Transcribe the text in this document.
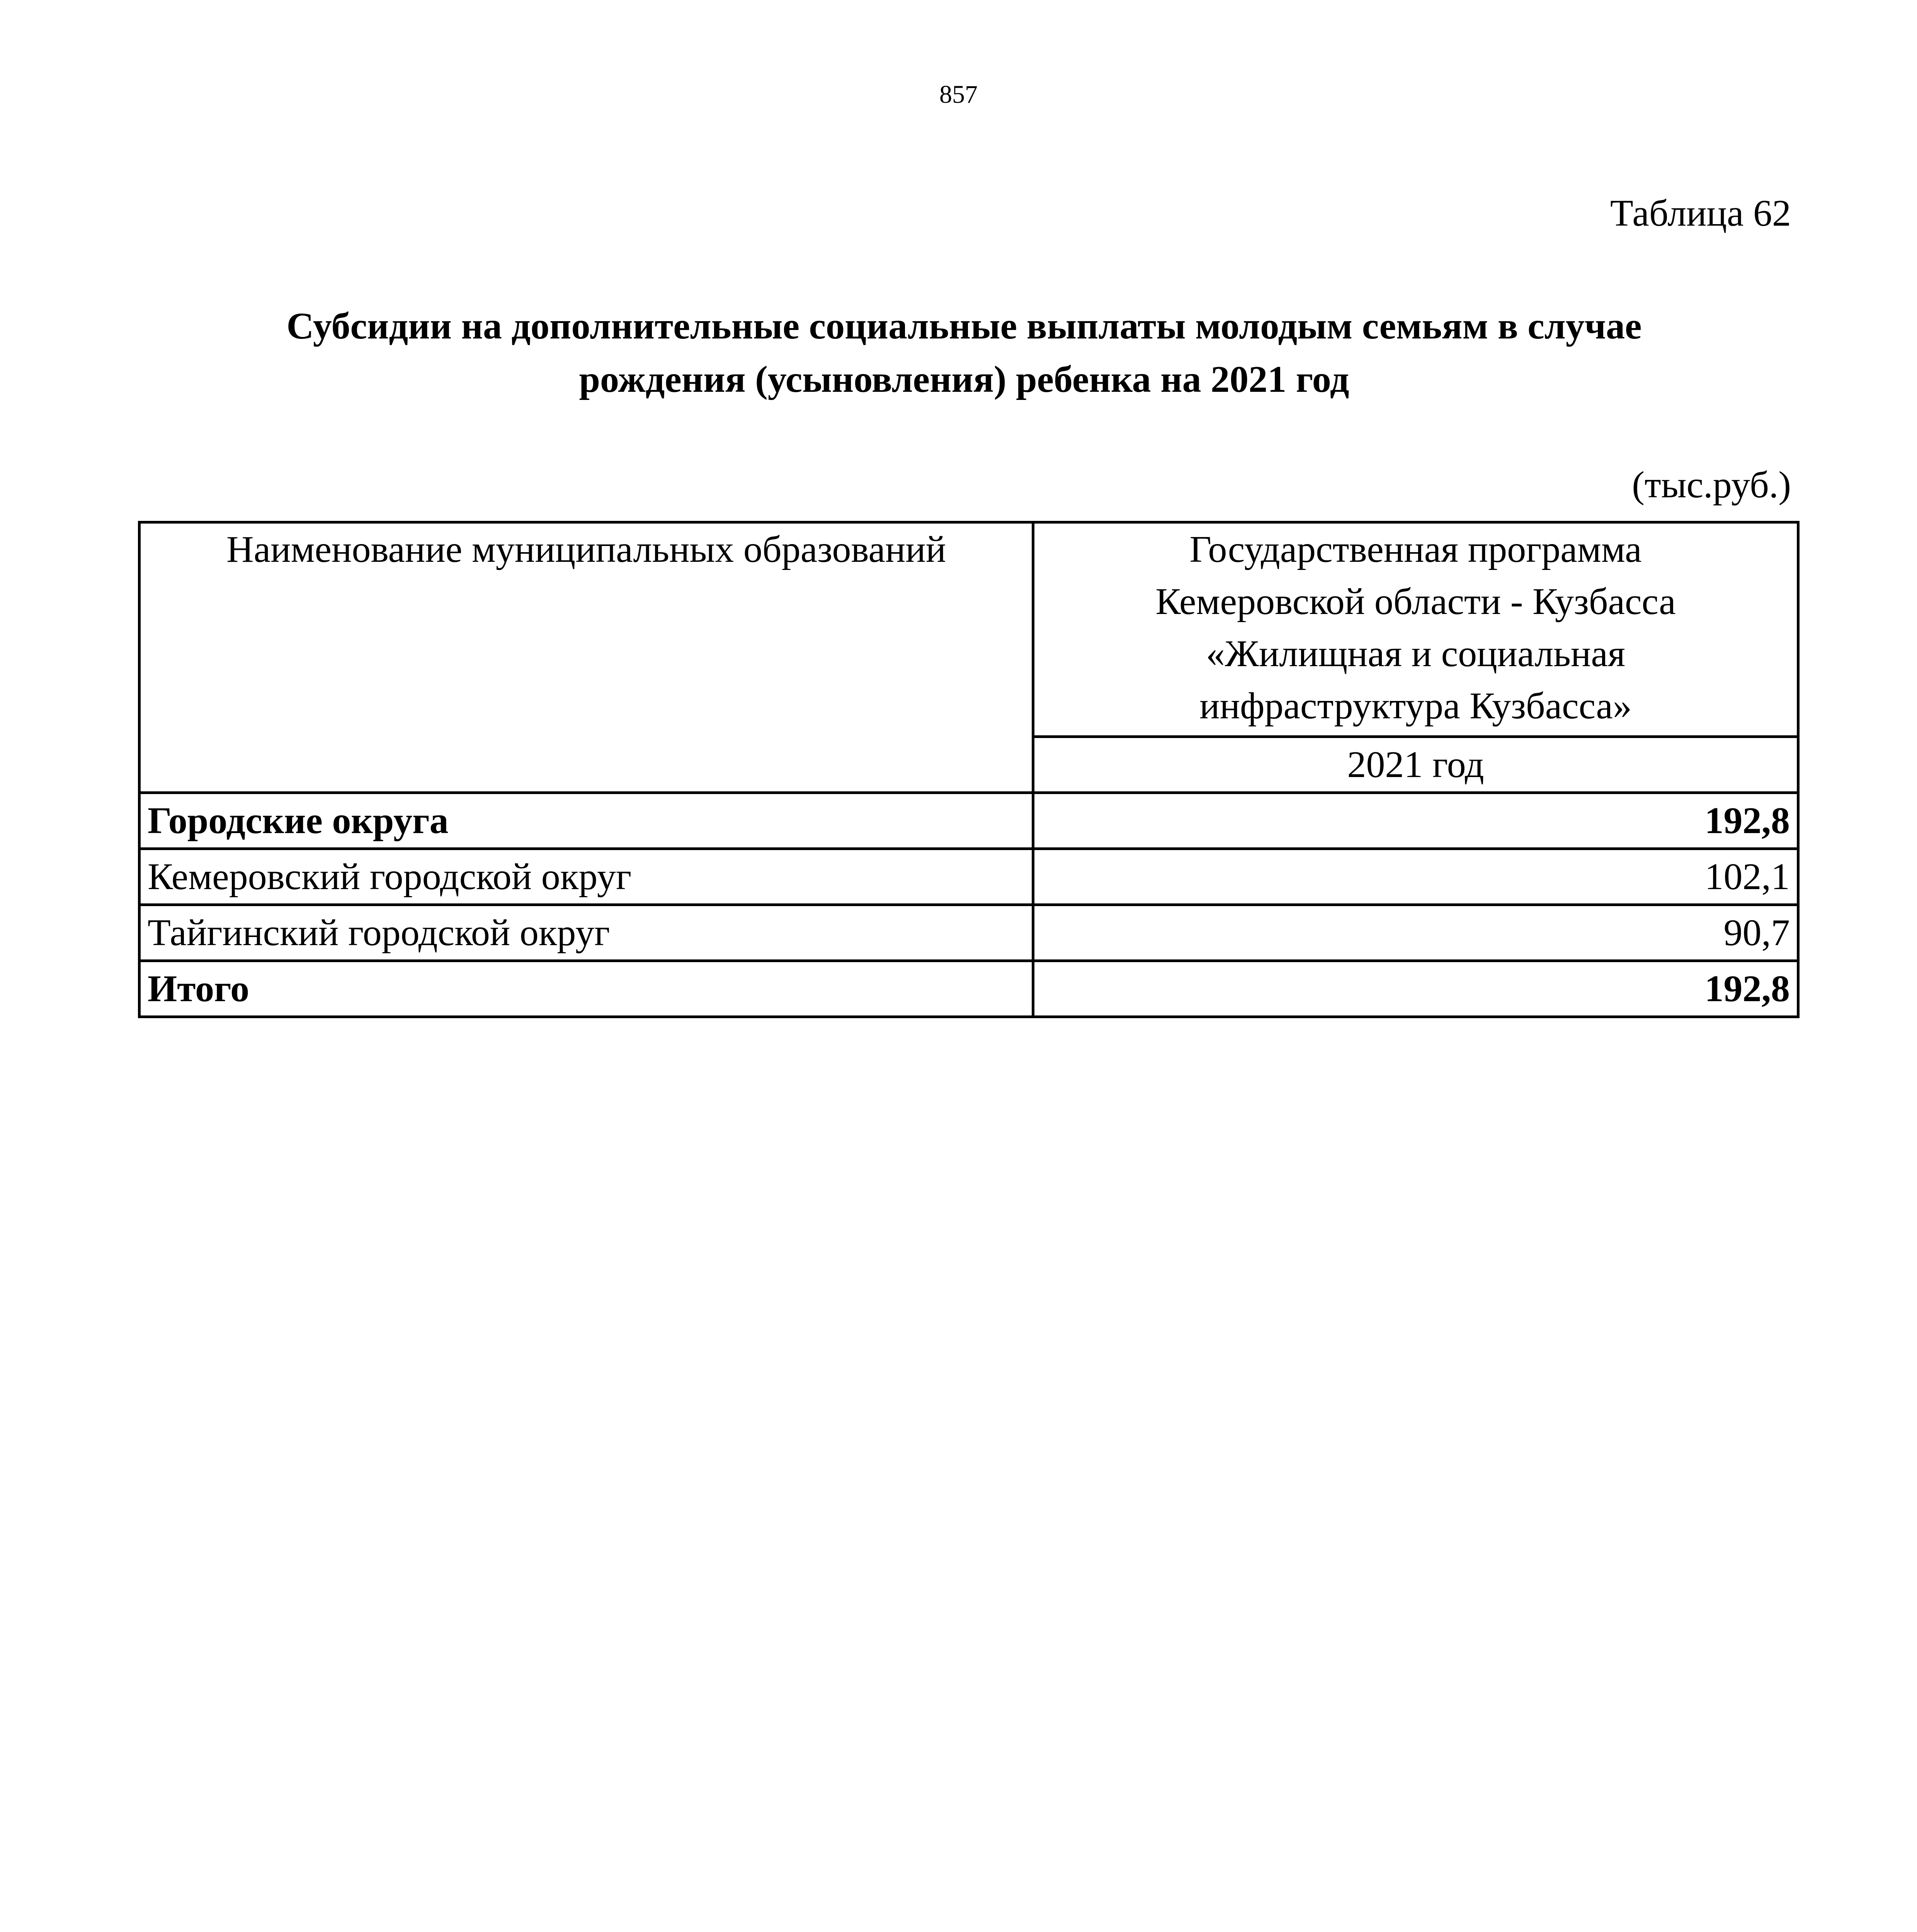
857
Таблица 62
Субсидии на дополнительные социальные выплаты молодым семьям в случае
рождения (усыновления) ребенка на 2021 год
(тыс.руб.)
Наименование муниципальных образований	Государственная программа
Кемеровской области - Кузбасса
«Жилищная и социальная
инфраструктура Кузбасса»

	2021 год
Городские округа	192,8
Кемеровский городской округ	102,1
Тайгинский городской округ	90,7
Итого	192,8
